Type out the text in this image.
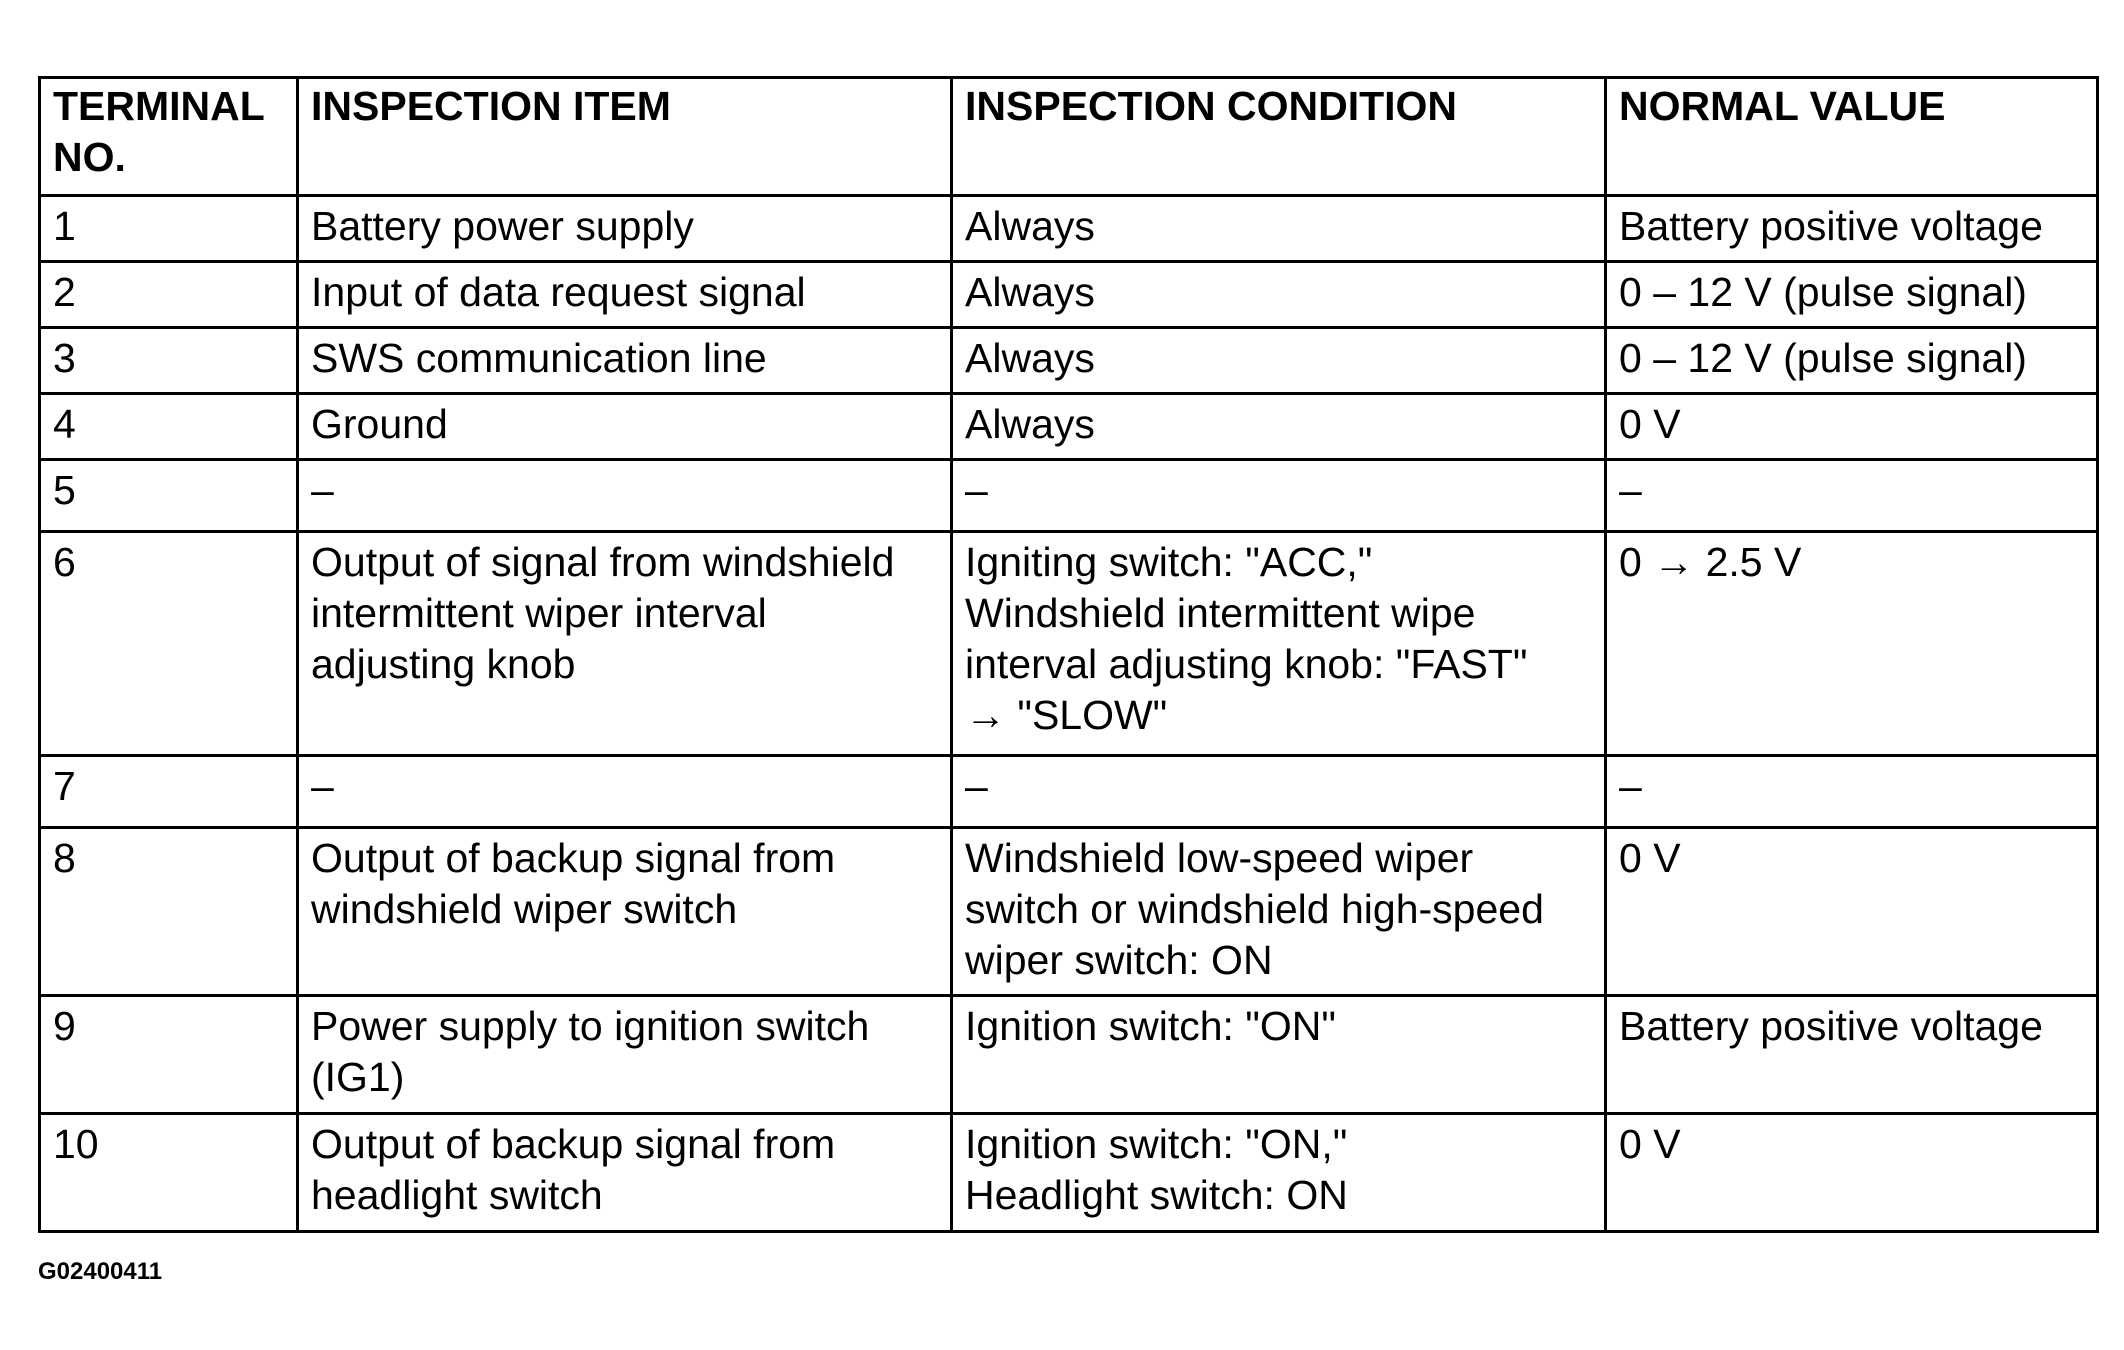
TERMINAL
NO.	INSPECTION ITEM	INSPECTION CONDITION	NORMAL VALUE
1	Battery power supply	Always	Battery positive voltage
2	Input of data request signal	Always	0 – 12 V (pulse signal)
3	SWS communication line	Always	0 – 12 V (pulse signal)
4	Ground	Always	0 V
5	–	–	–
6	Output of signal from windshield
intermittent wiper interval
adjusting knob	Igniting switch: "ACC,"
Windshield intermittent wipe
interval adjusting knob: "FAST"
→ "SLOW"	0 → 2.5 V
7	–	–	–
8	Output of backup signal from
windshield wiper switch	Windshield low-speed wiper
switch or windshield high-speed
wiper switch: ON	0 V
9	Power supply to ignition switch
(IG1)	Ignition switch: "ON"	Battery positive voltage
10	Output of backup signal from
headlight switch	Ignition switch: "ON,"
Headlight switch: ON	0 V
G02400411
